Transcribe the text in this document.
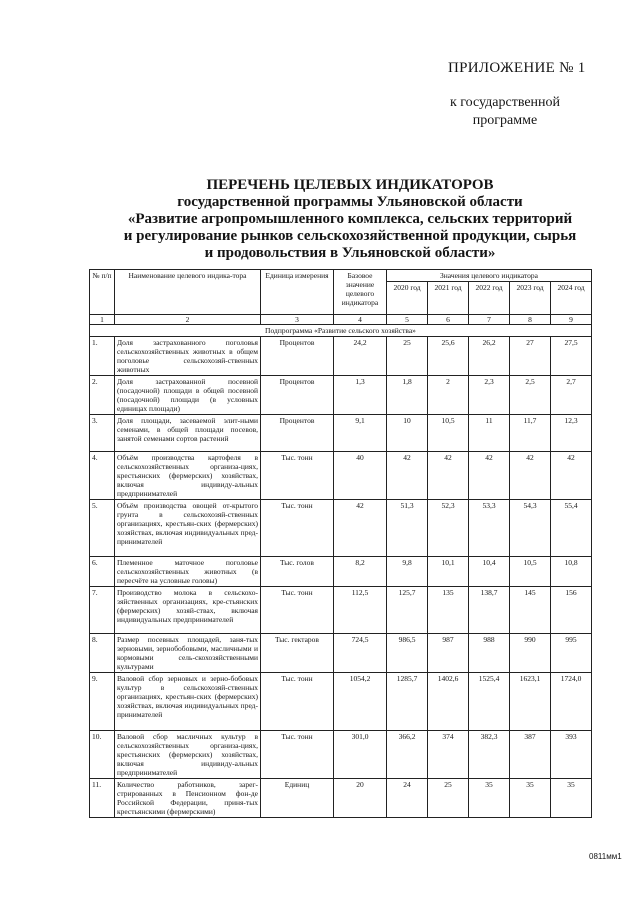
ПРИЛОЖЕНИЕ № 1
к государственной
программе
ПЕРЕЧЕНЬ ЦЕЛЕВЫХ ИНДИКАТОРОВ
государственной программы Ульяновской области
«Развитие агропромышленного комплекса, сельских территорий
и регулирование рынков сельскохозяйственной продукции, сырья
и продовольствия в Ульяновской области»
№ п/п	Наименование целевого индика-тора	Единица измерения	Базовое значение целевого индикатора	Значения целевого индикатора				
				2020 год	2021 год	2022 год	2023 год	2024 год
1	2	3	4	5	6	7	8	9
Подпрограмма «Развитие сельского хозяйства»								
1.	Доля застрахованного поголовья сельскохозяйственных животных в общем поголовье сельскохозяй-ственных животных	Процентов	24,2	25	25,6	26,2	27	27,5
2.	Доля застрахованной посевной (посадочной) площади в общей посевной (посадочной) площади (в условных единицах площади)	Процентов	1,3	1,8	2	2,3	2,5	2,7
3.	Доля площади, засеваемой элит-ными семенами, в общей площади посевов, занятой семенами сортов растений	Процентов	9,1	10	10,5	11	11,7	12,3
4.	Объём производства картофеля в сельскохозяйственных организа-циях, крестьянских (фермерских) хозяйствах, включая индивиду-альных предпринимателей	Тыс. тонн	40	42	42	42	42	42
5.	Объём производства овощей от-крытого грунта в сельскохозяй-ственных организациях, крестьян-ских (фермерских) хозяйствах, включая индивидуальных пред-принимателей	Тыс. тонн	42	51,3	52,3	53,3	54,3	55,4
6.	Племенное маточное поголовье сельскохозяйственных животных (в пересчёте на условные головы)	Тыс. голов	8,2	9,8	10,1	10,4	10,5	10,8
7.	Производство молока в сельскохо-зяйственных организациях, кре-стьянских (фермерских) хозяй-ствах, включая индивидуальных предпринимателей	Тыс. тонн	112,5	125,7	135	138,7	145	156
8.	Размер посевных площадей, заня-тых зерновыми, зернобобовыми, масличными и кормовыми сель-скохозяйственными культурами	Тыс. гектаров	724,5	986,5	987	988	990	995
9.	Валовой сбор зерновых и зерно-бобовых культур в сельскохозяй-ственных организациях, крестьян-ских (фермерских) хозяйствах, включая индивидуальных пред-принимателей	Тыс. тонн	1054,2	1285,7	1402,6	1525,4	1623,1	1724,0
10.	Валовой сбор масличных культур в сельскохозяйственных организа-циях, крестьянских (фермерских) хозяйствах, включая индивиду-альных предпринимателей	Тыс. тонн	301,0	366,2	374	382,3	387	393
11.	Количество работников, зарег-стрированных в Пенсионном фон-де Российской Федерации, приня-тых крестьянскими (фермерскими)	Единиц	20	24	25	35	35	35
0811мм1
